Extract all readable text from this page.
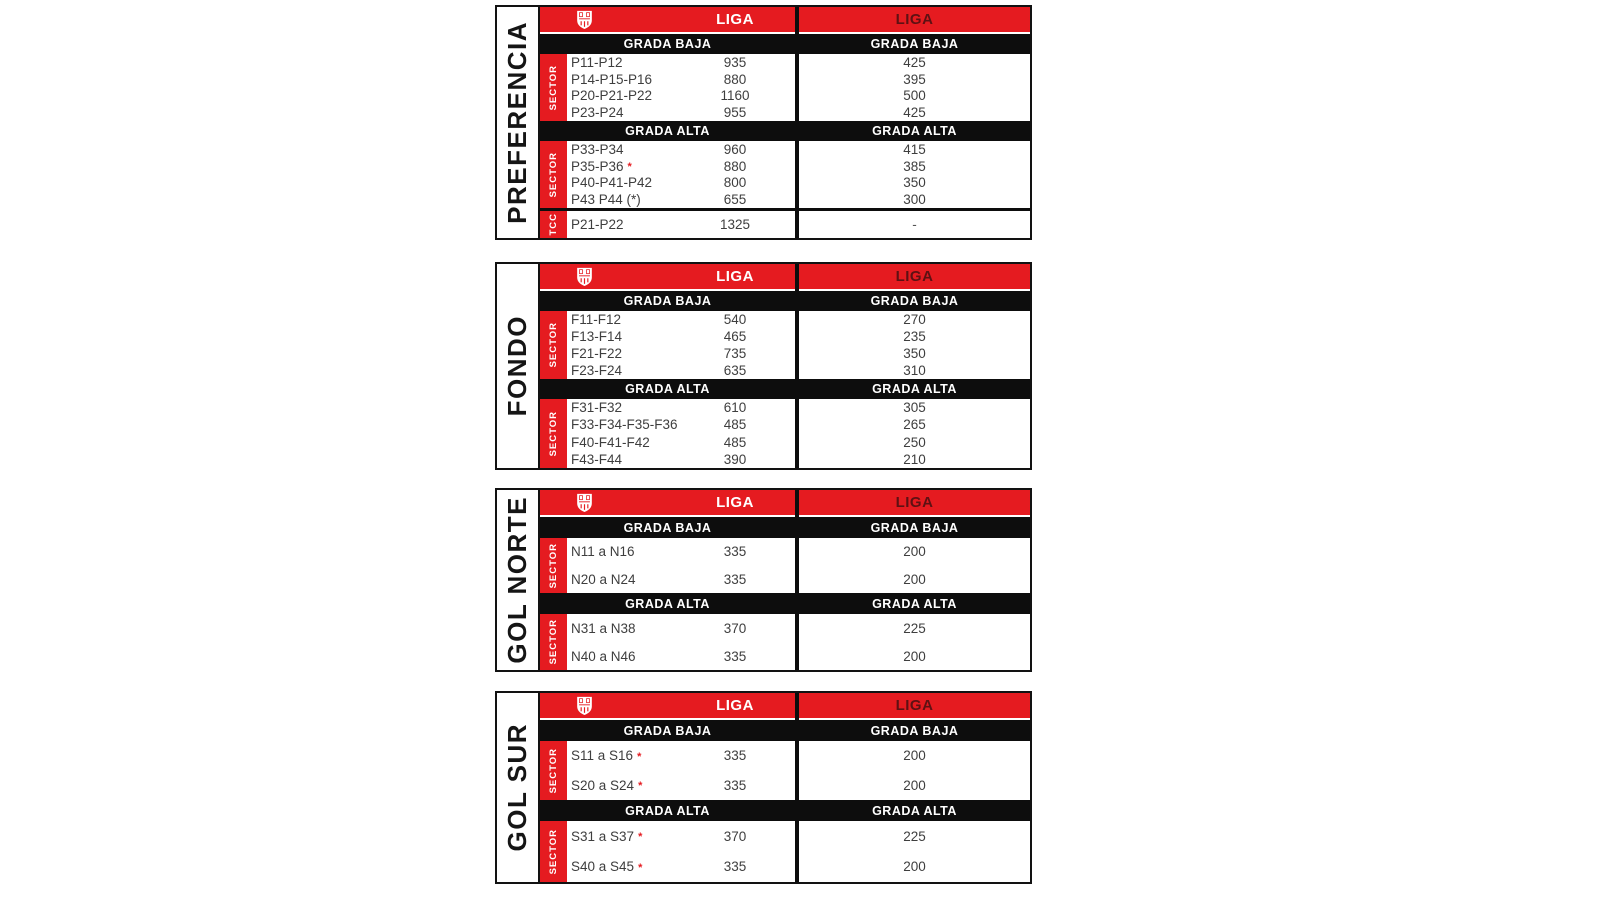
PREFERENCIA
LIGA	LIGA
GRADA BAJA	GRADA BAJA
SECTOR
P11-P12	935	425
P14-P15-P16	880	395
P20-P21-P22	1160	500
P23-P24	955	425
GRADA ALTA	GRADA ALTA
SECTOR
P33-P34	960	415
P35-P36 *	880	385
P40-P41-P42	800	350
P43 P44 (*)	655	300
TCC P21-P22	1325	-
FONDO
LIGA	LIGA
GRADA BAJA	GRADA BAJA
SECTOR
F11-F12	540	270
F13-F14	465	235
F21-F22	735	350
F23-F24	635	310
GRADA ALTA	GRADA ALTA
SECTOR
F31-F32	610	305
F33-F34-F35-F36	485	265
F40-F41-F42	485	250
F43-F44	390	210
GOL NORTE	LIGA	LIGA
GRADA BAJA	GRADA BAJA
SECTOR N11 a N16	335	200
N20 a N24	335	200
GRADA ALTA	GRADA ALTA
SECTOR N31 a N38	370	225
N40 a N46	335	200
GOL SUR
LIGA	LIGA
GRADA BAJA	GRADA BAJA
SECTOR S11 a S16 *	335	200
S20 a S24 *	335	200
GRADA ALTA	GRADA ALTA
SECTOR S31 a S37 *	370	225
S40 a S45 *	335	200
